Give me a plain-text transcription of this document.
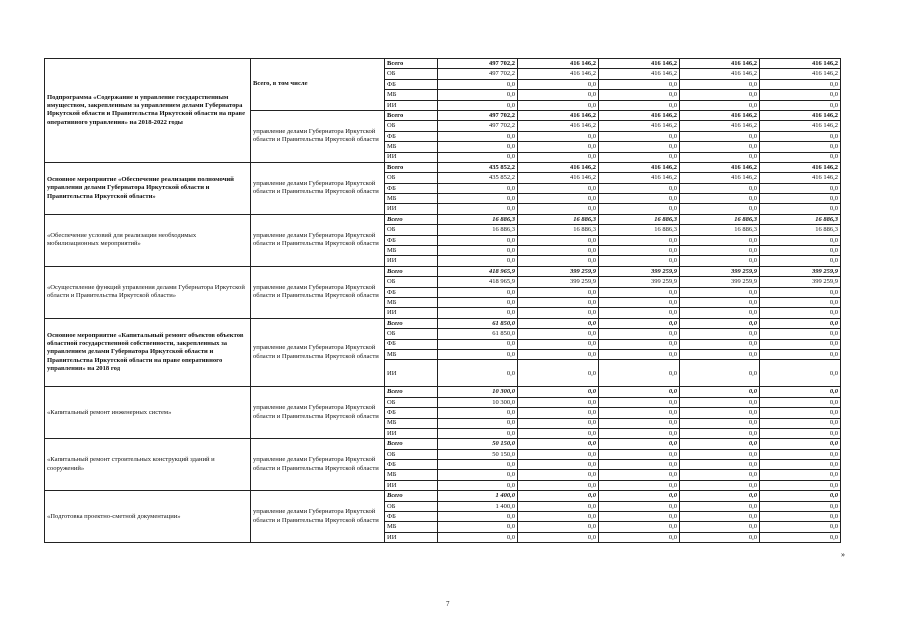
Подпрограмма «Содержание и управление государственным имуществом, закрепленным за управлением делами Губернатора Иркутской области и Правительства Иркутской области на праве оперативного управления» на 2018-2022 годы	Всего, в том числе	Всего	497 702,2	416 146,2	416 146,2	416 146,2	416 146,2
		ОБ	497 702,2	416 146,2	416 146,2	416 146,2	416 146,2
		ФБ	0,0	0,0	0,0	0,0	0,0
		МБ	0,0	0,0	0,0	0,0	0,0
		ИИ	0,0	0,0	0,0	0,0	0,0
	управление делами Губернатора Иркутской области и Правительства Иркутской области	Всего	497 702,2	416 146,2	416 146,2	416 146,2	416 146,2
		ОБ	497 702,2	416 146,2	416 146,2	416 146,2	416 146,2
		ФБ	0,0	0,0	0,0	0,0	0,0
		МБ	0,0	0,0	0,0	0,0	0,0
		ИИ	0,0	0,0	0,0	0,0	0,0
Основное мероприятие «Обеспечение реализации полномочий управления делами Губернатора Иркутской области и Правительства Иркутской области»	управление делами Губернатора Иркутской области и Правительства Иркутской области	Всего	435 852,2	416 146,2	416 146,2	416 146,2	416 146,2
		ОБ	435 852,2	416 146,2	416 146,2	416 146,2	416 146,2
		ФБ	0,0	0,0	0,0	0,0	0,0
		МБ	0,0	0,0	0,0	0,0	0,0
		ИИ	0,0	0,0	0,0	0,0	0,0
«Обеспечение условий для реализации необходимых мобилизационных мероприятий»	управление делами Губернатора Иркутской области и Правительства Иркутской области	Всего	16 886,3	16 886,3	16 886,3	16 886,3	16 886,3
		ОБ	16 886,3	16 886,3	16 886,3	16 886,3	16 886,3
		ФБ	0,0	0,0	0,0	0,0	0,0
		МБ	0,0	0,0	0,0	0,0	0,0
		ИИ	0,0	0,0	0,0	0,0	0,0
«Осуществление функций управления делами Губернатора Иркутской области и Правительства Иркутской области»	управление делами Губернатора Иркутской области и Правительства Иркутской области	Всего	418 965,9	399 259,9	399 259,9	399 259,9	399 259,9
		ОБ	418 965,9	399 259,9	399 259,9	399 259,9	399 259,9
		ФБ	0,0	0,0	0,0	0,0	0,0
		МБ	0,0	0,0	0,0	0,0	0,0
		ИИ	0,0	0,0	0,0	0,0	0,0
Основное мероприятие «Капитальный ремонт объектов объектов областной государственной собственности, закрепленных за управлением делами Губернатора Иркутской области и Правительства Иркутской области на праве оперативного управления» на 2018 год	управление делами Губернатора Иркутской области и Правительства Иркутской области	Всего	61 850,0	0,0	0,0	0,0	0,0
		ОБ	61 850,0	0,0	0,0	0,0	0,0
		ФБ	0,0	0,0	0,0	0,0	0,0
		МБ	0,0	0,0	0,0	0,0	0,0
		ИИ	0,0	0,0	0,0	0,0	0,0
«Капитальный ремонт инженерных систем»	управление делами Губернатора Иркутской области и Правительства Иркутской области	Всего	10 300,0	0,0	0,0	0,0	0,0
		ОБ	10 300,0	0,0	0,0	0,0	0,0
		ФБ	0,0	0,0	0,0	0,0	0,0
		МБ	0,0	0,0	0,0	0,0	0,0
		ИИ	0,0	0,0	0,0	0,0	0,0
«Капитальный ремонт строительных конструкций зданий и сооружений»	управление делами Губернатора Иркутской области и Правительства Иркутской области	Всего	50 150,0	0,0	0,0	0,0	0,0
		ОБ	50 150,0	0,0	0,0	0,0	0,0
		ФБ	0,0	0,0	0,0	0,0	0,0
		МБ	0,0	0,0	0,0	0,0	0,0
		ИИ	0,0	0,0	0,0	0,0	0,0
«Подготовка проектно-сметной документации»	управление делами Губернатора Иркутской области и Правительства Иркутской области	Всего	1 400,0	0,0	0,0	0,0	0,0
		ОБ	1 400,0	0,0	0,0	0,0	0,0
		ФБ	0,0	0,0	0,0	0,0	0,0
		МБ	0,0	0,0	0,0	0,0	0,0
		ИИ	0,0	0,0	0,0	0,0	0,0
»
7
